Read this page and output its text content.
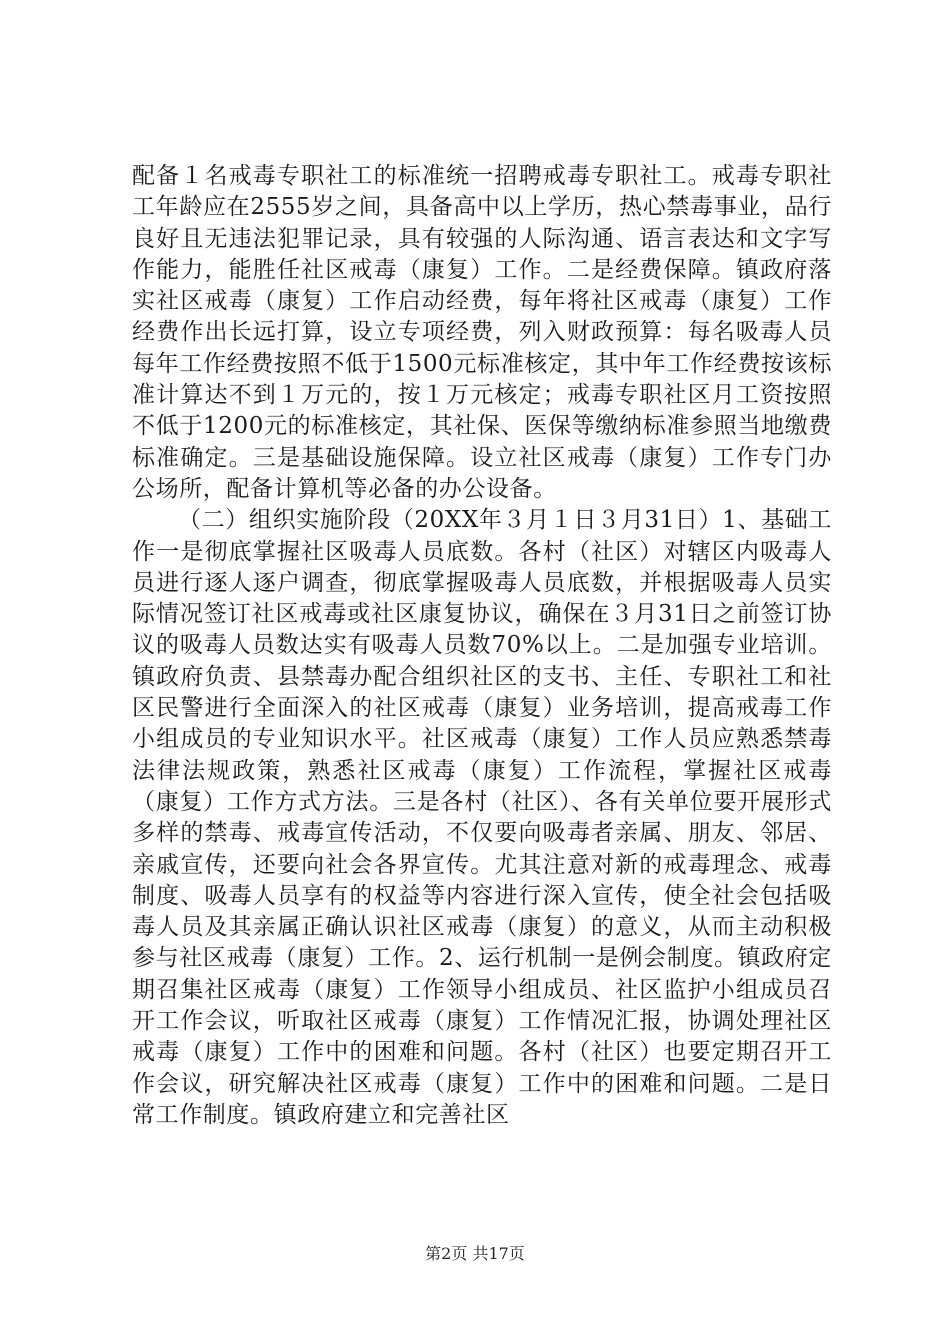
配备１名戒毒专职社工的标准统一招聘戒毒专职社工。戒毒专职社工年龄应在2555岁之间，具备高中以上学历，热心禁毒事业，品行良好且无违法犯罪记录，具有较强的人际沟通、语言表达和文字写作能力，能胜任社区戒毒（康复）工作。二是经费保障。镇政府落实社区戒毒（康复）工作启动经费，每年将社区戒毒（康复）工作经费作出长远打算，设立专项经费，列入财政预算：每名吸毒人员每年工作经费按照不低于1500元标准核定，其中年工作经费按该标准计算达不到１万元的，按１万元核定；戒毒专职社区月工资按照不低于1200元的标准核定，其社保、医保等缴纳标准参照当地缴费标准确定。三是基础设施保障。设立社区戒毒（康复）工作专门办公场所，配备计算机等必备的办公设备。

（二）组织实施阶段（20XX年３月１日３月31日）1、基础工作一是彻底掌握社区吸毒人员底数。各村（社区）对辖区内吸毒人员进行逐人逐户调查，彻底掌握吸毒人员底数，并根据吸毒人员实际情况签订社区戒毒或社区康复协议，确保在３月31日之前签订协议的吸毒人员数达实有吸毒人员数70%以上。二是加强专业培训。镇政府负责、县禁毒办配合组织社区的支书、主任、专职社工和社区民警进行全面深入的社区戒毒（康复）业务培训，提高戒毒工作小组成员的专业知识水平。社区戒毒（康复）工作人员应熟悉禁毒法律法规政策，熟悉社区戒毒（康复）工作流程，掌握社区戒毒（康复）工作方式方法。三是各村（社区）、各有关单位要开展形式多样的禁毒、戒毒宣传活动，不仅要向吸毒者亲属、朋友、邻居、亲戚宣传，还要向社会各界宣传。尤其注意对新的戒毒理念、戒毒制度、吸毒人员享有的权益等内容进行深入宣传，使全社会包括吸毒人员及其亲属正确认识社区戒毒（康复）的意义，从而主动积极参与社区戒毒（康复）工作。2、运行机制一是例会制度。镇政府定期召集社区戒毒（康复）工作领导小组成员、社区监护小组成员召开工作会议，听取社区戒毒（康复）工作情况汇报，协调处理社区戒毒（康复）工作中的困难和问题。各村（社区）也要定期召开工作会议，研究解决社区戒毒（康复）工作中的困难和问题。二是日常工作制度。镇政府建立和完善社区

第2页 共17页
